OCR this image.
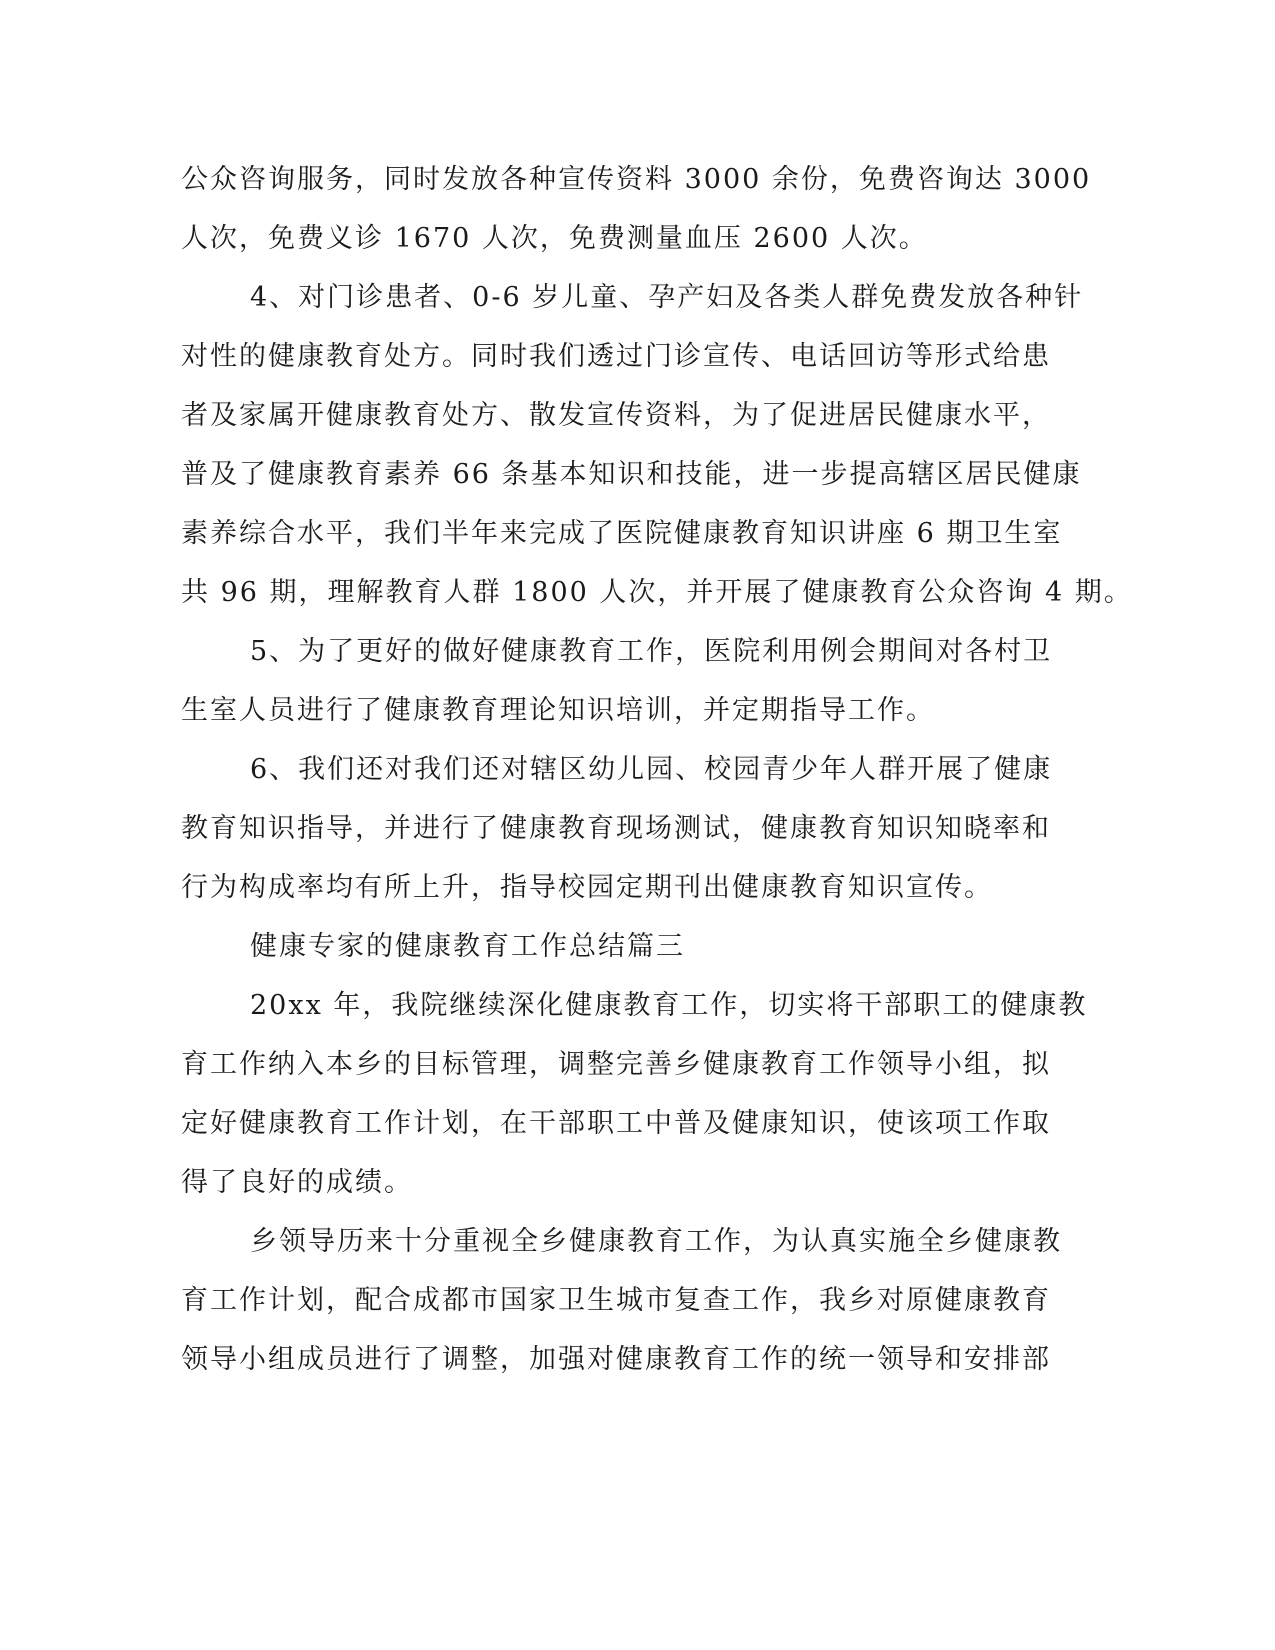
公众咨询服务，同时发放各种宣传资料 3000 余份，免费咨询达 3000
人次，免费义诊 1670 人次，免费测量血压 2600 人次。
4、对门诊患者、0-6 岁儿童、孕产妇及各类人群免费发放各种针
对性的健康教育处方。同时我们透过门诊宣传、电话回访等形式给患
者及家属开健康教育处方、散发宣传资料，为了促进居民健康水平，
普及了健康教育素养 66 条基本知识和技能，进一步提高辖区居民健康
素养综合水平，我们半年来完成了医院健康教育知识讲座 6 期卫生室
共 96 期，理解教育人群 1800 人次，并开展了健康教育公众咨询 4 期。
5、为了更好的做好健康教育工作，医院利用例会期间对各村卫
生室人员进行了健康教育理论知识培训，并定期指导工作。
6、我们还对我们还对辖区幼儿园、校园青少年人群开展了健康
教育知识指导，并进行了健康教育现场测试，健康教育知识知晓率和
行为构成率均有所上升，指导校园定期刊出健康教育知识宣传。
健康专家的健康教育工作总结篇三
20xx 年，我院继续深化健康教育工作，切实将干部职工的健康教
育工作纳入本乡的目标管理，调整完善乡健康教育工作领导小组，拟
定好健康教育工作计划，在干部职工中普及健康知识，使该项工作取
得了良好的成绩。
乡领导历来十分重视全乡健康教育工作，为认真实施全乡健康教
育工作计划，配合成都市国家卫生城市复查工作，我乡对原健康教育
领导小组成员进行了调整，加强对健康教育工作的统一领导和安排部
